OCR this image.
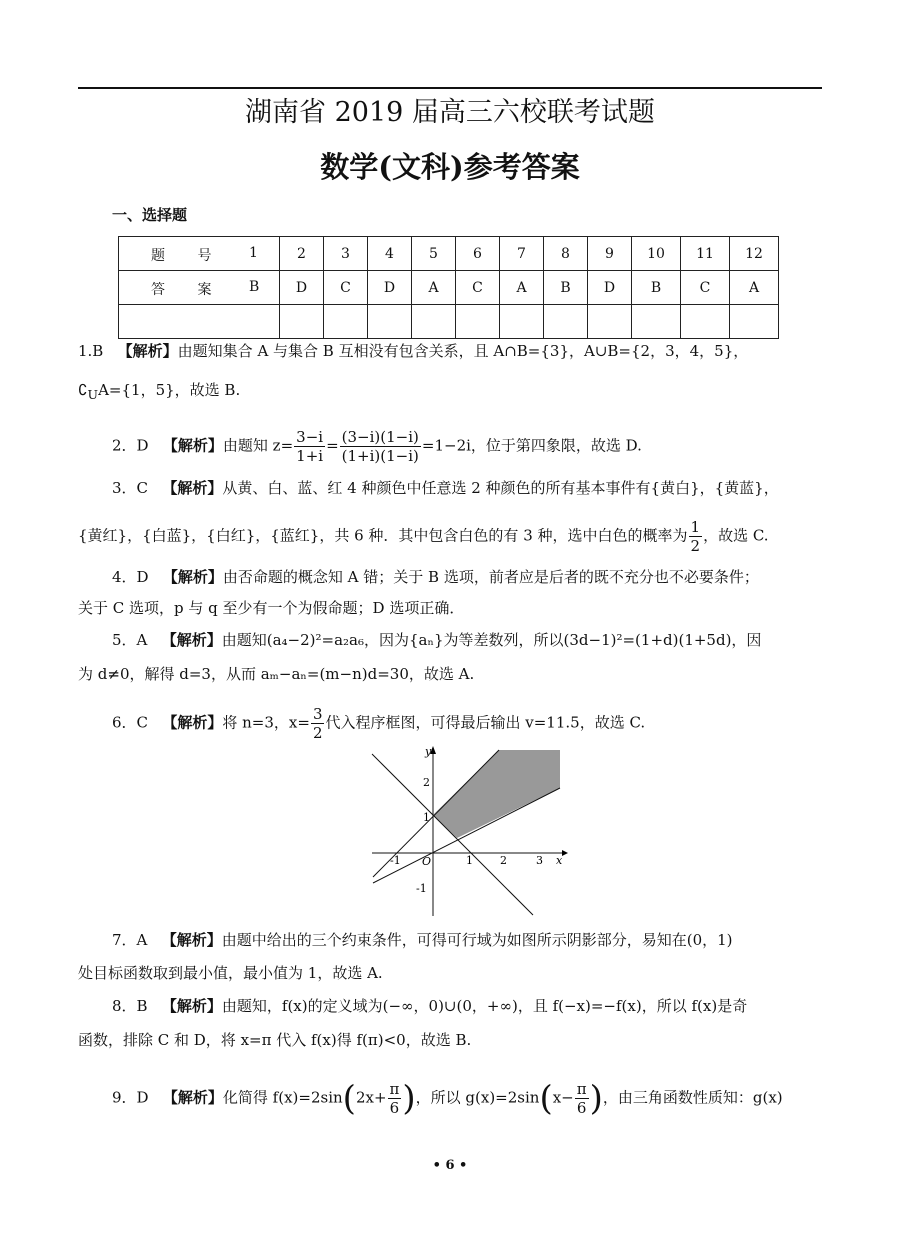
湖南省 2019 届高三六校联考试题
数学(文科)参考答案
一、选择题
题 号 1	2	3	4	5	6	7	8	9	10	11	12

答 案 B	D	C	D	A	C	A	B	D	B	C	A

1.B 【解析】由题知集合 A 与集合 B 互相没有包含关系，且 A∩B={3}，A∪B={2，3，4，5}，
$∁_UA=\{1$，5}，故选 B.
2．D 【解析】由题知 $z= \frac{3-i}{1+i} = \frac{(3-i)(1-i)}{(1+i)(1-i)} =1-2i$，位于第四象限，故选 D.
3．C 【解析】从黄、白、蓝、红 4 种颜色中任意选 2 种颜色的所有基本事件有{黄白}，{黄蓝}，
{黄红}，{白蓝}，{白红}，{蓝红}，共 6 种．其中包含白色的有 3 种，选中白色的概率为 $\frac{1}{2}$ ，故选 C.
4．D 【解析】由否命题的概念知 A 错；关于 B 选项，前者应是后者的既不充分也不必要条件；
关于 C 选项，p 与 q 至少有一个为假命题；D 选项正确．
5．A 【解析】由题知(a₄−2)²=a₂a₆，因为{aₙ}为等差数列，所以(3d−1)²=(1+d)(1+5d)，因
为 d≠0，解得 d=3，从而 aₘ−aₙ=(m−n)d=30，故选 A.
6．C 【解析】将 n=3，$x= \frac{3}{2}$ 代入程序框图，可得最后输出 v=11.5，故选 C.
y
x
O
-1	1 2	3
2
1
-1
7．A 【解析】由题中给出的三个约束条件，可得可行域为如图所示阴影部分，易知在(0，1)
处目标函数取到最小值，最小值为 1，故选 A.
8．B 【解析】由题知，f(x)的定义域为(−∞，0)∪(0，+∞)，且 f(−x)=−f(x)，所以 f(x)是奇
函数，排除 C 和 D，将 x=π 代入 f(x)得 f(π)<0，故选 B.
9．D 【解析】化简得 $f(x)=2\sin(2x+ \frac{\pi}{6}$ )，所以 $g(x)=2\sin(x- \frac{\pi}{6}$ )，由三角函数性质知：g(x)
• 6 •
